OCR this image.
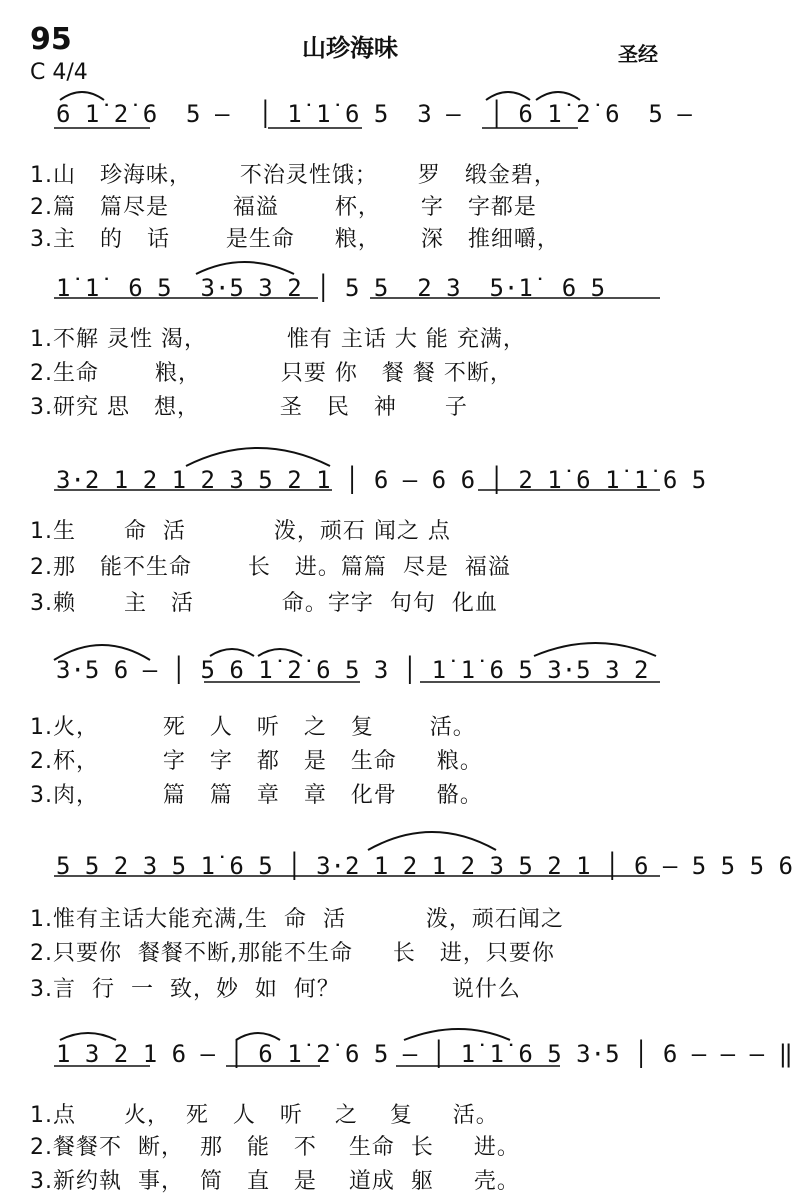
95	山珍海味	圣经
C 4/4
6 1̇ 2̇ 6  5 —  │ 1̇ 1̇ 6 5  3 —  │ 6 1̇ 2̇ 6  5 —
1.山   珍海味，      不治灵性饿；     罗   缎金碧，
2.篇   篇尽是        福溢       杯，     字   字都是
3.主   的   话       是生命     粮，     深   推细嚼，
1̇ 1̇  6 5  3·5 3 2 │ 5 5  2 3  5·1̇  6 5
1.不解 灵性 渴，          惟有 主话 大 能 充满，
2.生命       粮，          只要 你   餐 餐 不断，
3.研究 思   想，          圣   民   神      子
3·2 1 2 1 2 3 5 2 1 │ 6 — 6 6 │ 2 1̇ 6 1̇ 1̇ 6 5
1.生      命  活           泼，顽石 闻之 点
2.那   能不生命       长   进。篇篇  尽是  福溢
3.赖      主   活           命。字字  句句  化血
3·5 6 — │ 5 6 1̇ 2̇ 6 5 3 │ 1̇ 1̇ 6 5 3·5 3 2
1.火，        死   人   听   之   复       活。
2.杯，        字   字   都   是   生命     粮。
3.肉，        篇   篇   章   章   化骨     骼。
5 5 2 3 5 1̇ 6 5 │ 3·2 1 2 1 2 3 5 2 1 │ 6 — 5 5 5 6
1.惟有主话大能充满,生  命  活          泼，顽石闻之
2.只要你  餐餐不断,那能不生命     长   进，只要你
3.言  行  一  致，妙  如  何？              说什么
1 3 2 1 6 — │ 6 1̇ 2̇ 6 5 — │ 1̇ 1̇ 6 5 3·5 │ 6 — — — ‖
1.点      火，  死   人   听    之    复     活。
2.餐餐不  断，  那   能   不    生命  长     进。
3.新约執  事，  简   直   是    道成  躯     壳。
